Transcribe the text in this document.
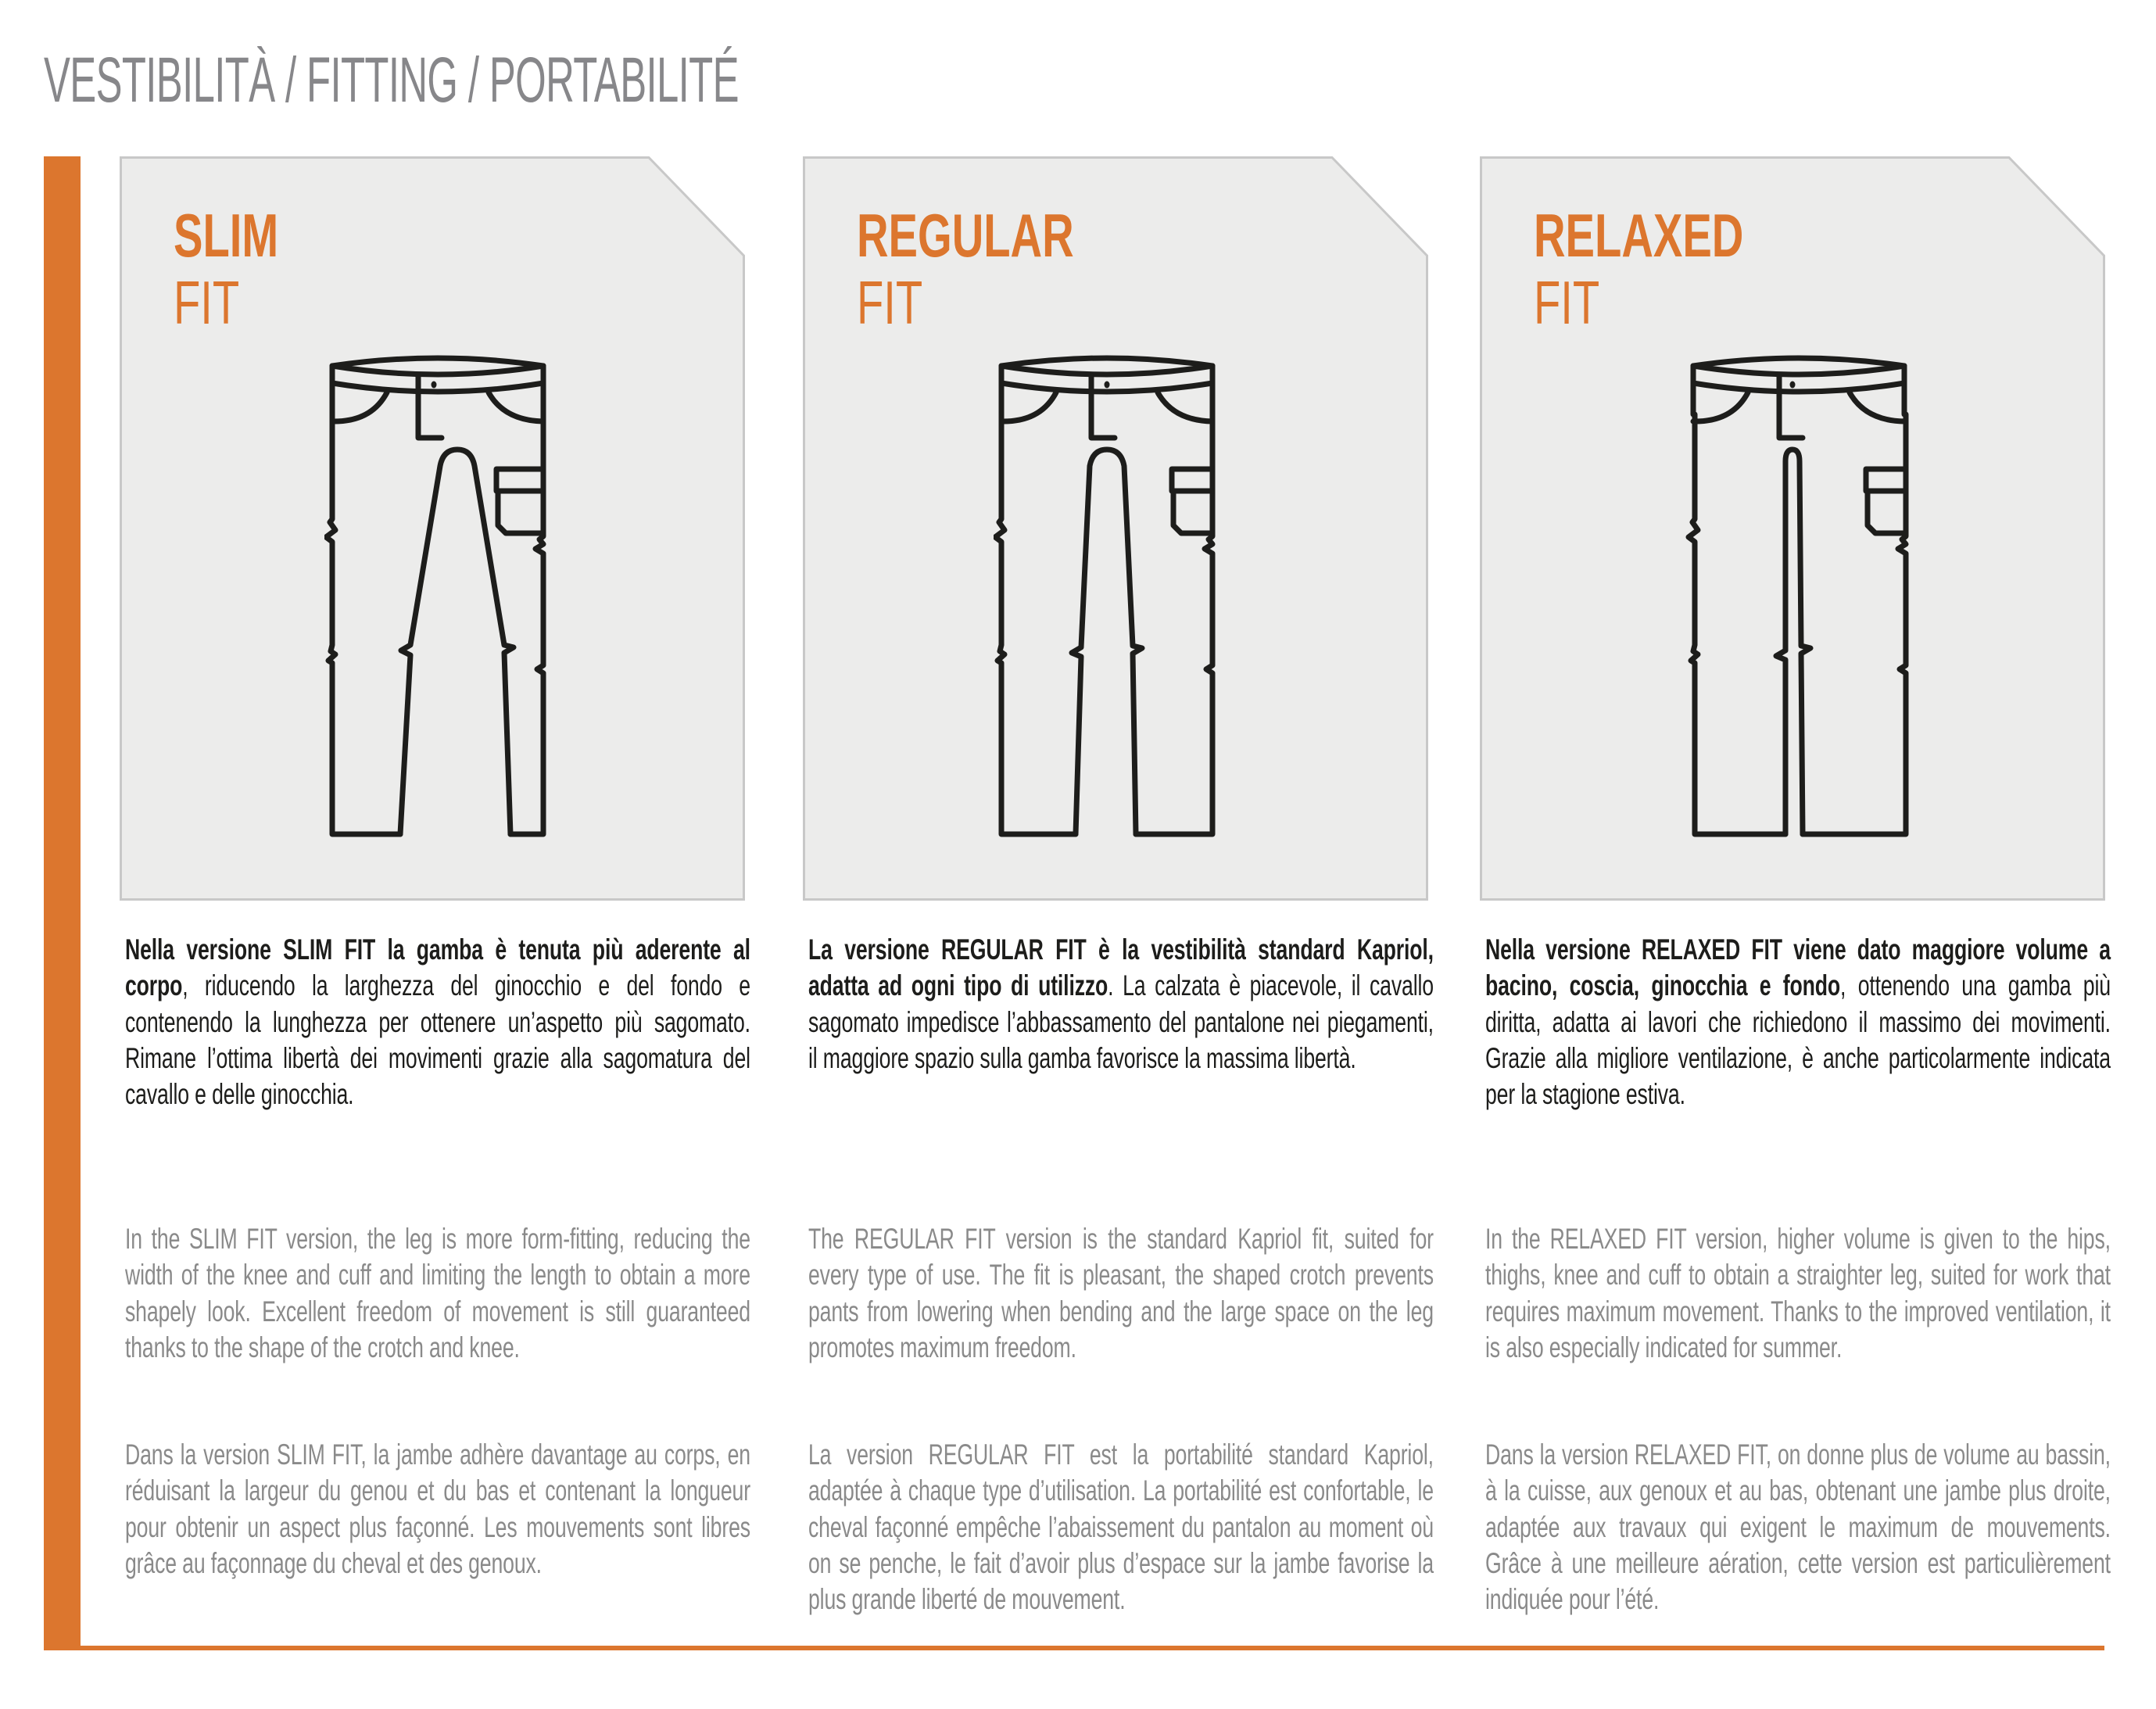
VESTIBILITÀ / FITTING / PORTABILITÉ
SLIM
FIT
REGULAR
FIT
RELAXED
FIT

Nella versione SLIM FIT la gamba è tenuta più aderente al corpo, riducendo la larghezza del ginocchio e del fondo e contenendo la lunghezza per ottenere un’aspetto più sagomato. Rimane l’ottima libertà dei movimenti grazie alla sagomatura del cavallo e delle ginocchia.

In the SLIM FIT version, the leg is more form-fitting, reducing the width of the knee and cuff and limiting the length to obtain a more shapely look. Excellent freedom of movement is still guaranteed thanks to the shape of the crotch and knee.

Dans la version SLIM FIT, la jambe adhère davantage au corps, en réduisant la largeur du genou et du bas et contenant la longueur pour obtenir un aspect plus façonné. Les mouvements sont libres grâce au façonnage du cheval et des genoux.

La versione REGULAR FIT è la vestibilità standard Kapriol, adatta ad ogni tipo di utilizzo. La calzata è piacevole, il cavallo sagomato impedisce l’abbassamento del pantalone nei piegamenti, il maggiore spazio sulla gamba favorisce la massima libertà.

The REGULAR FIT version is the standard Kapriol fit, suited for every type of use. The fit is pleasant, the shaped crotch prevents pants from lowering when bending and the large space on the leg promotes maximum freedom.

La version REGULAR FIT est la portabilité standard Kapriol, adaptée à chaque type d’utilisation. La portabilité est confortable, le cheval façonné empêche l’abaissement du pantalon au moment où on se penche, le fait d’avoir plus d’espace sur la jambe favorise la plus grande liberté de mouvement.

Nella versione RELAXED FIT viene dato maggiore volume a bacino, coscia, ginocchia e fondo, ottenendo una gamba più diritta, adatta ai lavori che richiedono il massimo dei movimenti. Grazie alla migliore ventilazione, è anche particolarmente indicata per la stagione estiva.

In the RELAXED FIT version, higher volume is given to the hips, thighs, knee and cuff to obtain a straighter leg, suited for work that requires maximum movement. Thanks to the improved ventilation, it is also especially indicated for summer.

Dans la version RELAXED FIT, on donne plus de volume au bassin, à la cuisse, aux genoux et au bas, obtenant une jambe plus droite, adaptée aux travaux qui exigent le maximum de mouvements. Grâce à une meilleure aération, cette version est particulièrement indiquée pour l’été.
